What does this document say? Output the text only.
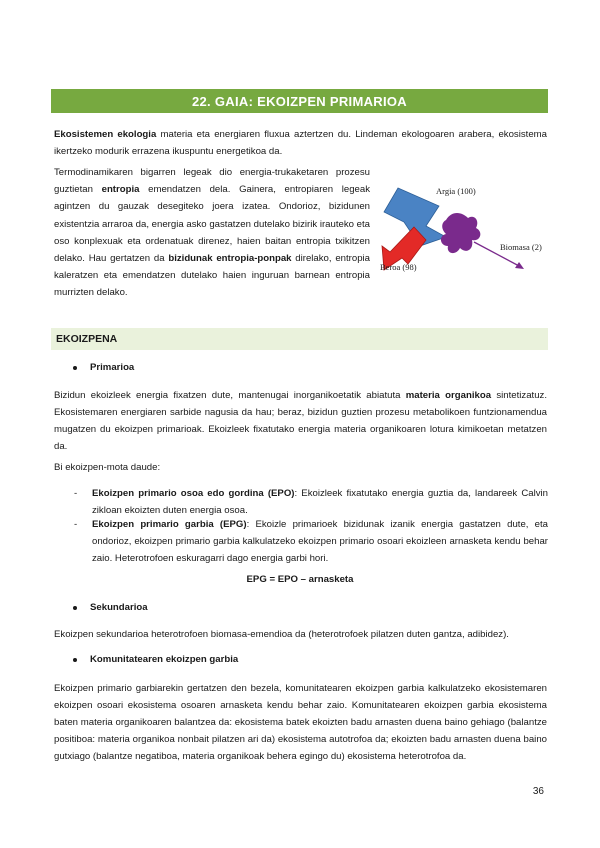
22. GAIA: EKOIZPEN PRIMARIOA

Ekosistemen ekologia materia eta energiaren fluxua aztertzen du. Lindeman ekologoaren arabera, ekosistema ikertzeko modurik errazena ikuspuntu energetikoa da.

Termodinamikaren bigarren legeak dio energia-trukaketaren prozesu guztietan entropia emendatzen dela. Gainera, entropiaren legeak agintzen du gauzak desegiteko joera izatea. Ondorioz, bizidunen existentzia arraroa da, energia asko gastatzen dutelako bizirik irauteko eta oso konplexuak eta ordenatuak direnez, haien baitan entropia txikitzen delako. Hau gertatzen da bizidunak entropia-ponpak direlako, entropia kaleratzen eta emendatzen dutelako haien inguruan barnean entropia murrizten delako.

Argia (100)
Biomasa (2)
Beroa (98)
EKOIZPENA
Primarioa

Bizidun ekoizleek energia fixatzen dute, mantenugai inorganikoetatik abiatuta materia organikoa sintetizatuz. Ekosistemaren energiaren sarbide nagusia da hau; beraz, bizidun guztien prozesu metabolikoen funtzionamendua mugatzen du ekoizpen primarioak. Ekoizleek fixatutako energia materia organikoaren lotura kimikoetan metatzen da.

Bi ekoizpen-mota daude:

-	Ekoizpen primario osoa edo gordina (EPO): Ekoizleek fixatutako energia guztia da, landareek Calvin zikloan ekoizten duten energia osoa.
-	Ekoizpen primario garbia (EPG): Ekoizle primarioek bizidunak izanik energia gastatzen dute, eta ondorioz, ekoizpen primario garbia kalkulatzeko ekoizpen primario osoari ekoizleen arnasketa kendu behar zaio. Heterotrofoen eskuragarri dago energia garbi hori.
EPG = EPO – arnasketa
Sekundarioa

Ekoizpen sekundarioa heterotrofoen biomasa-emendioa da (heterotrofoek pilatzen duten gantza, adibidez).

Komunitatearen ekoizpen garbia

Ekoizpen primario garbiarekin gertatzen den bezela, komunitatearen ekoizpen garbia kalkulatzeko ekosistemaren ekoizpen osoari ekosistema osoaren arnasketa kendu behar zaio. Komunitatearen ekoizpen garbia ekosistema baten materia organikoaren balantzea da: ekosistema batek ekoizten badu arnasten duena baino gehiago (balantze positiboa: materia organikoa nonbait pilatzen ari da) ekosistema autotrofoa da; ekoizten badu arnasten duena baino gutxiago (balantze negatiboa, materia organikoak behera egingo du) ekosistema heterotrofoa da.

36
